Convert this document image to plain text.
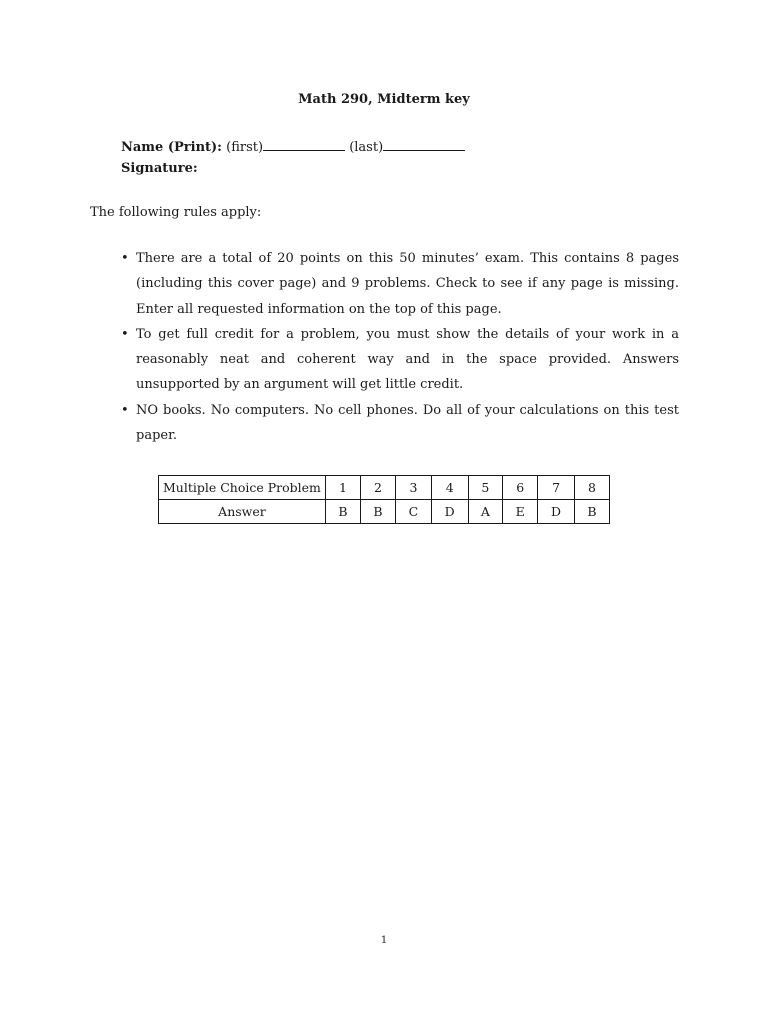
Math 290, Midterm key
Name (Print): (first)	(last)
Signature:
The following rules apply:
• There are a total of 20 points on this 50 minutes’ exam. This contains 8 pages (including this cover page) and 9 problems. Check to see if any page is missing. Enter all requested information on the top of this page.
• To get full credit for a problem, you must show the details of your work in a reasonably neat and coherent way and in the space provided. Answers unsupported by an argument will get little credit.
• NO books. No computers. No cell phones. Do all of your calculations on this test paper.
Multiple Choice Problem	1	2	3	4	5	6	7	8
Answer	B	B	C	D	A	E	D	B
1
